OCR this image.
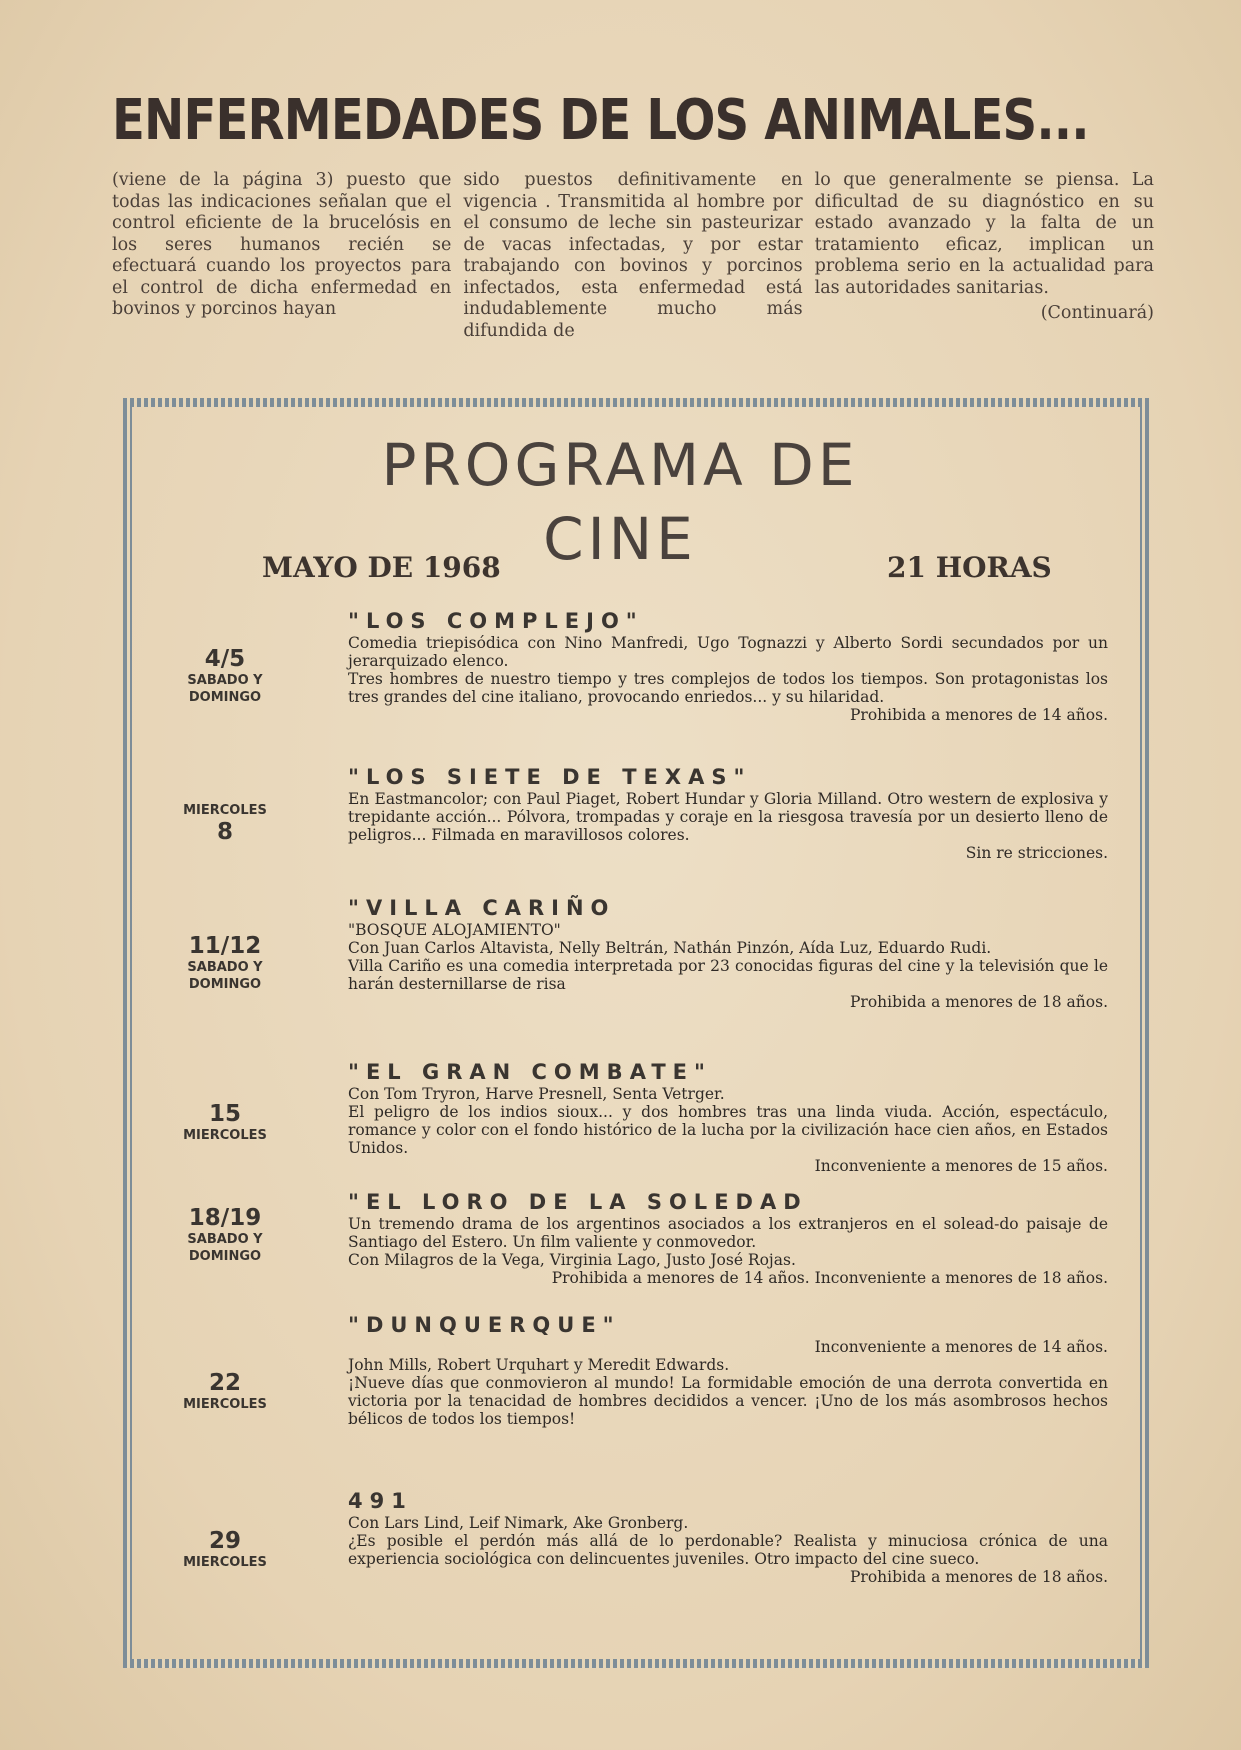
ENFERMEDADES DE LOS ANIMALES...

(viene de la página 3) puesto que todas las indicaciones señalan que el control eficiente de la brucelósis en los seres humanos recién se efectuará cuando los proyectos para el control de dicha enfermedad en bovinos y porcinos hayan

sido puestos definitivamente en vigencia . Transmitida al hombre por el consumo de leche sin pasteurizar de vacas infectadas, y por estar trabajando con bovinos y porcinos infectados, esta enfermedad está indudablemente mucho más difundida de

lo que generalmente se piensa. La dificultad de su diagnóstico en su estado avanzado y la falta de un tratamiento eficaz, implican un problema serio en la actualidad para las autoridades sanitarias.

(Continuará)
PROGRAMA DE
CINE
MAYO DE 1968	21 HORAS
4/5
SABADO Y DOMINGO
"LOS COMPLEJO"

Comedia triepisódica con Nino Manfredi, Ugo Tognazzi y Alberto Sordi secundados por un jerarquizado elenco.

Tres hombres de nuestro tiempo y tres complejos de todos los tiempos. Son protagonistas los tres grandes del cine italiano, provocando enriedos... y su hilaridad.

Prohibida a menores de 14 años.

MIERCOLES
8
"LOS SIETE DE TEXAS"

En Eastmancolor; con Paul Piaget, Robert Hundar y Gloria Milland. Otro western de explosiva y trepidante acción... Pólvora, trompadas y coraje en la riesgosa travesía por un desierto lleno de peligros... Filmada en maravillosos colores.

Sin re stricciones.

11/12
SABADO Y DOMINGO
"VILLA CARIÑO

"BOSQUE ALOJAMIENTO"

Con Juan Carlos Altavista, Nelly Beltrán, Nathán Pinzón, Aída Luz, Eduardo Rudi.

Villa Cariño es una comedia interpretada por 23 conocidas figuras del cine y la televisión que le harán desternillarse de risa

Prohibida a menores de 18 años.

15
MIERCOLES
"EL GRAN COMBATE"

Con Tom Tryron, Harve Presnell, Senta Vetrger.

El peligro de los indios sioux... y dos hombres tras una linda viuda. Acción, espectáculo, romance y color con el fondo histórico de la lucha por la civilización hace cien años, en Estados Unidos.

Inconveniente a menores de 15 años.

18/19
SABADO Y DOMINGO
"EL LORO DE LA SOLEDAD

Un tremendo drama de los argentinos asociados a los extranjeros en el solead-do paisaje de Santiago del Estero. Un film valiente y conmovedor.

Con Milagros de la Vega, Virginia Lago, Justo José Rojas.

Prohibida a menores de 14 años. Inconveniente a menores de 18 años.

22
MIERCOLES
"DUNQUERQUE"

Inconveniente a menores de 14 años.

John Mills, Robert Urquhart y Meredit Edwards.

¡Nueve días que conmovieron al mundo! La formidable emoción de una derrota convertida en victoria por la tenacidad de hombres decididos a vencer. ¡Uno de los más asombrosos hechos bélicos de todos los tiempos!

29
MIERCOLES
491

Con Lars Lind, Leif Nimark, Ake Gronberg.

¿Es posible el perdón más allá de lo perdonable? Realista y minuciosa crónica de una experiencia sociológica con delincuentes juveniles. Otro impacto del cine sueco.

Prohibida a menores de 18 años.
